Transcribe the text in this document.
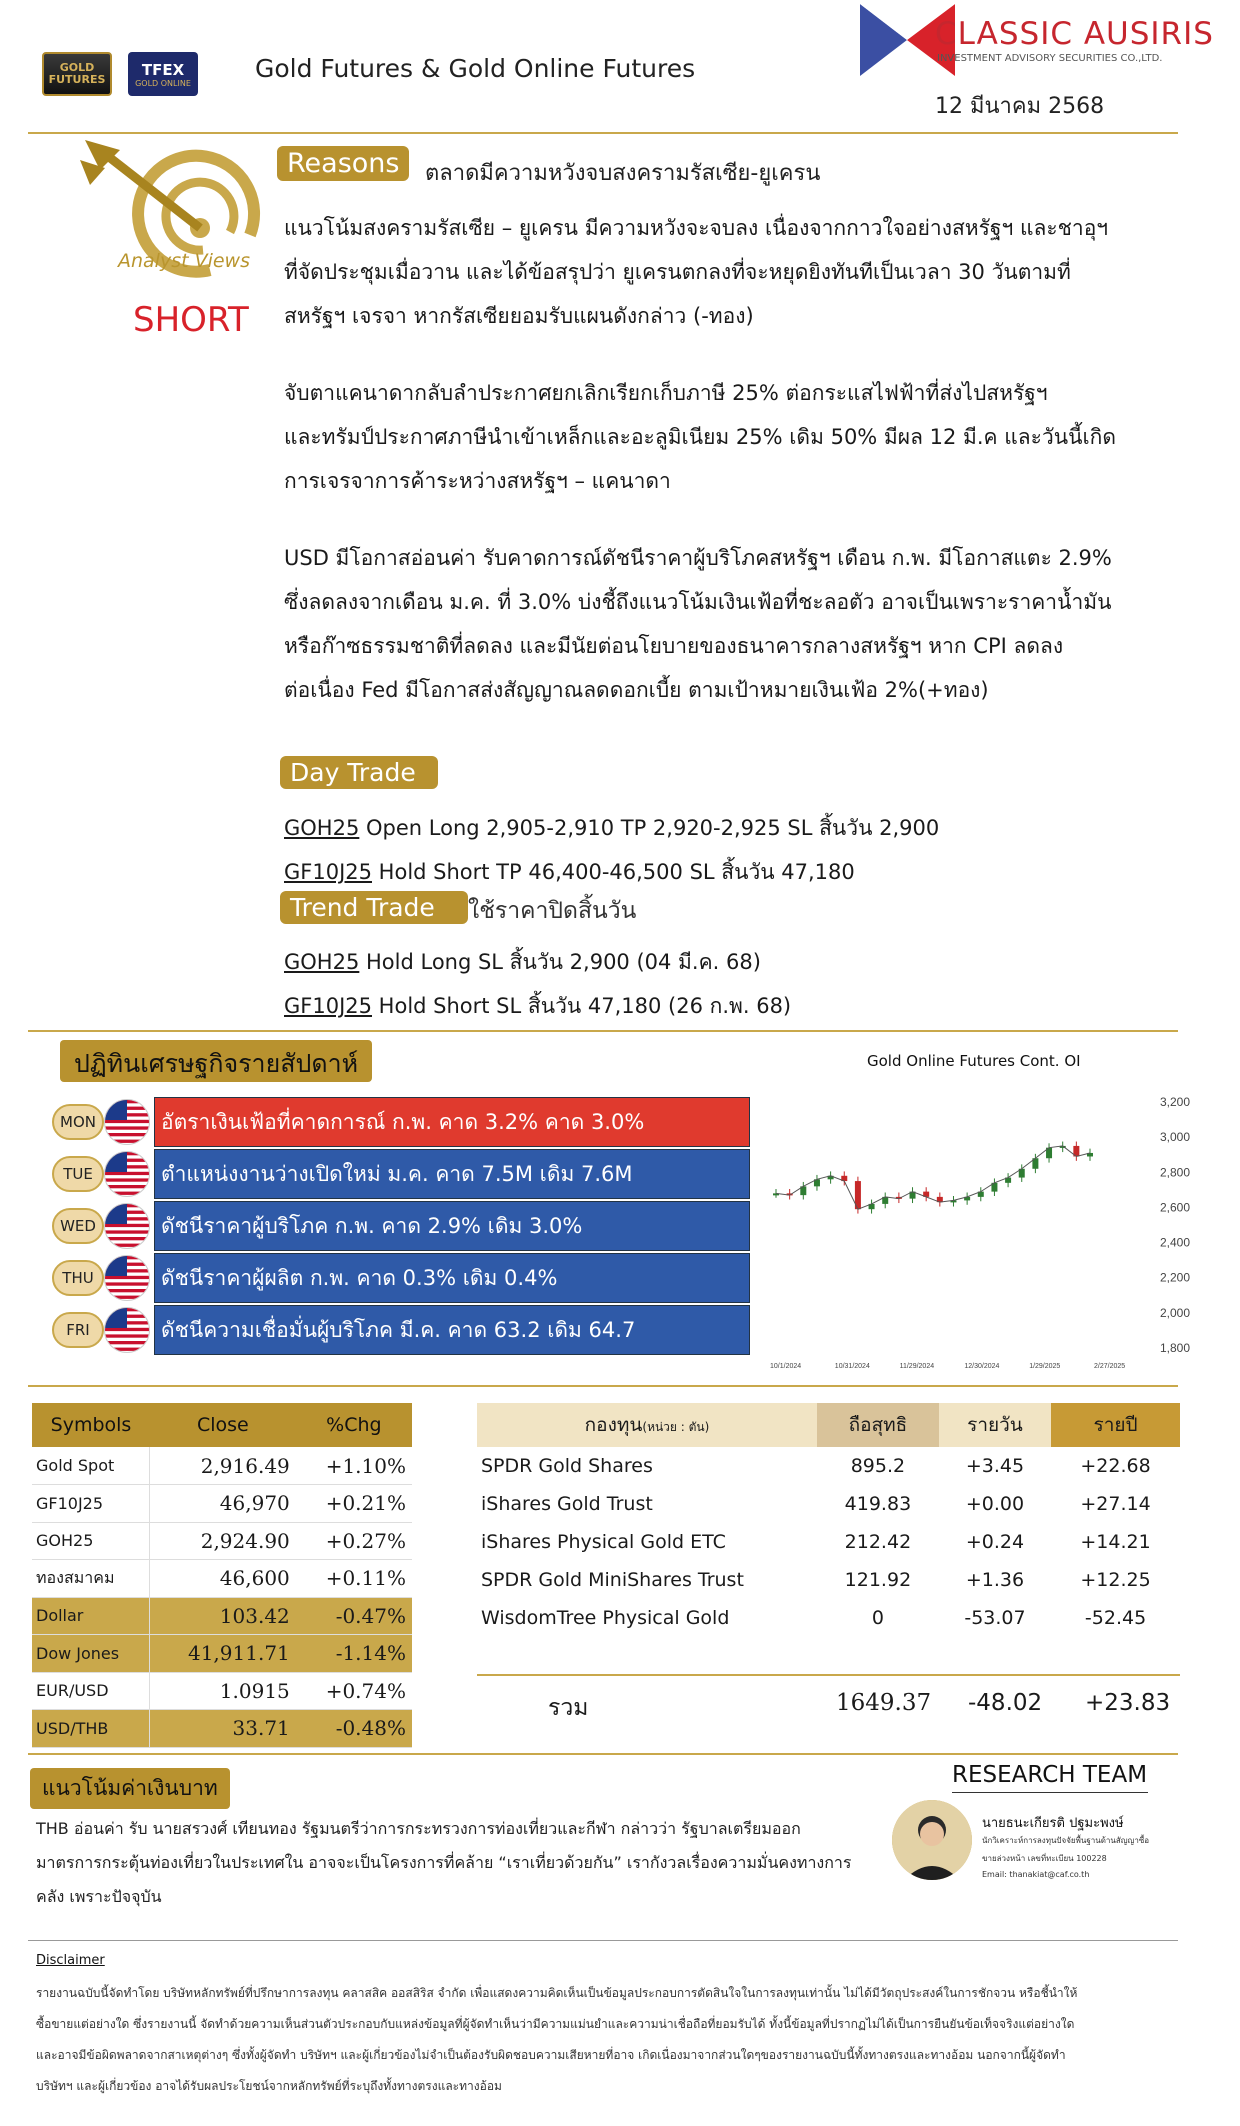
GOLD
FUTURES
TFEX
GOLD ONLINE	Gold Futures & Gold Online Futures
CLASSIC AUSIRIS
INVESTMENT ADVISORY SECURITIES CO.,LTD.
12 มีนาคม 2568
Analyst Views
SHORT
Reasons	ตลาดมีความหวังจบสงครามรัสเซีย-ยูเครน
แนวโน้มสงครามรัสเซีย – ยูเครน มีความหวังจะจบลง เนื่องจากกาวใจอย่างสหรัฐฯ และชาอุฯ
ที่จัดประชุมเมื่อวาน และได้ข้อสรุปว่า ยูเครนตกลงที่จะหยุดยิงทันทีเป็นเวลา 30 วันตามที่
สหรัฐฯ เจรจา หากรัสเซียยอมรับแผนดังกล่าว (-ทอง)
จับตาแคนาดากลับลำประกาศยกเลิกเรียกเก็บภาษี 25% ต่อกระแสไฟฟ้าที่ส่งไปสหรัฐฯ
และทรัมป์ประกาศภาษีนำเข้าเหล็กและอะลูมิเนียม 25% เดิม 50% มีผล 12 มี.ค และวันนี้เกิด
การเจรจาการค้าระหว่างสหรัฐฯ – แคนาดา
USD มีโอกาสอ่อนค่า รับคาดการณ์ดัชนีราคาผู้บริโภคสหรัฐฯ เดือน ก.พ. มีโอกาสแตะ 2.9%
ซึ่งลดลงจากเดือน ม.ค. ที่ 3.0% บ่งชี้ถึงแนวโน้มเงินเฟ้อที่ชะลอตัว อาจเป็นเพราะราคาน้ำมัน
หรือก๊าซธรรมชาติที่ลดลง และมีนัยต่อนโยบายของธนาคารกลางสหรัฐฯ หาก CPI ลดลง
ต่อเนื่อง Fed มีโอกาสส่งสัญญาณลดดอกเบี้ย ตามเป้าหมายเงินเฟ้อ 2%(+ทอง)
Day Trade
GOH25 Open Long 2,905-2,910 TP 2,920-2,925 SL สิ้นวัน 2,900
GF10J25 Hold Short TP 46,400-46,500 SL สิ้นวัน 47,180
Trend Trade	ใช้ราคาปิดสิ้นวัน
GOH25 Hold Long SL สิ้นวัน 2,900 (04 มี.ค. 68)
GF10J25 Hold Short SL สิ้นวัน 47,180 (26 ก.พ. 68)
ปฏิทินเศรษฐกิจรายสัปดาห์
MON	อัตราเงินเฟ้อที่คาดการณ์ ก.พ. คาด 3.2% คาด 3.0%
TUE	ตำแหน่งงานว่างเปิดใหม่ ม.ค. คาด 7.5M เดิม 7.6M
WED	ดัชนีราคาผู้บริโภค ก.พ. คาด 2.9% เดิม 3.0%
THU	ดัชนีราคาผู้ผลิต ก.พ. คาด 0.3% เดิม 0.4%
FRI	ดัชนีความเชื่อมั่นผู้บริโภค มี.ค. คาด 63.2 เดิม 64.7
Gold Online Futures Cont. OI
3,200
3,000
2,800
2,600
2,400
2,200
2,000
1,800
10/1/2024	10/31/2024	11/29/2024	12/30/2024	1/29/2025	2/27/2025
Symbols	Close	%Chg
Gold Spot	2,916.49	+1.10%
GF10J25	46,970	+0.21%
GOH25	2,924.90	+0.27%
ทองสมาคม	46,600	+0.11%
Dollar	103.42	-0.47%
Dow Jones	41,911.71	-1.14%
EUR/USD	1.0915	+0.74%
USD/THB	33.71	-0.48%
กองทุน(หน่วย : ตัน)	ถือสุทธิ	รายวัน	รายปี
SPDR Gold Shares	895.2	+3.45	+22.68
iShares Gold Trust	419.83	+0.00	+27.14
iShares Physical Gold ETC	212.42	+0.24	+14.21
SPDR Gold MiniShares Trust	121.92	+1.36	+12.25
WisdomTree Physical Gold	0	-53.07	-52.45
รวม	1649.37 -48.02 +23.83
แนวโน้มค่าเงินบาท
THB อ่อนค่า รับ นายสรวงศ์ เทียนทอง รัฐมนตรีว่าการกระทรวงการท่องเที่ยวและกีฬา กล่าวว่า รัฐบาลเตรียมออก
มาตรการกระตุ้นท่องเที่ยวในประเทศใน อาจจะเป็นโครงการที่คล้าย “เราเที่ยวด้วยกัน” เรากังวลเรื่องความมั่นคงทางการ
คลัง เพราะปัจจุบัน
RESEARCH TEAM
นายธนะเกียรติ ปฐมะพงษ์
นักวิเคราะห์การลงทุนปัจจัยพื้นฐานด้านสัญญาซื้อ
ขายล่วงหน้า เลขที่ทะเบียน 100228
Email: thanakiat@caf.co.th
Disclaimer
รายงานฉบับนี้จัดทำโดย บริษัทหลักทรัพย์ที่ปรึกษาการลงทุน คลาสสิค ออสสิริส จำกัด เพื่อแสดงความคิดเห็นเป็นข้อมูลประกอบการตัดสินใจในการลงทุนเท่านั้น ไม่ได้มีวัตถุประสงค์ในการชักจวน หรือชี้นำให้
ซื้อขายแต่อย่างใด ซึ่งรายงานนี้ จัดทำด้วยความเห็นส่วนตัวประกอบกับแหล่งข้อมูลที่ผู้จัดทำเห็นว่ามีความแม่นยำและความน่าเชื่อถือที่ยอมรับได้ ทั้งนี้ข้อมูลที่ปรากฏไม่ได้เป็นการยืนยันข้อเท็จจริงแต่อย่างใด
และอาจมีข้อผิดพลาดจากสาเหตุต่างๆ ซึ่งทั้งผู้จัดทำ บริษัทฯ และผู้เกี่ยวข้องไม่จำเป็นต้องรับผิดชอบความเสียหายที่อาจ เกิดเนื่องมาจากส่วนใดๆของรายงานฉบับนี้ทั้งทางตรงและทางอ้อม นอกจากนี้ผู้จัดทำ
บริษัทฯ และผู้เกี่ยวข้อง อาจได้รับผลประโยชน์จากหลักทรัพย์ที่ระบุถึงทั้งทางตรงและทางอ้อม
